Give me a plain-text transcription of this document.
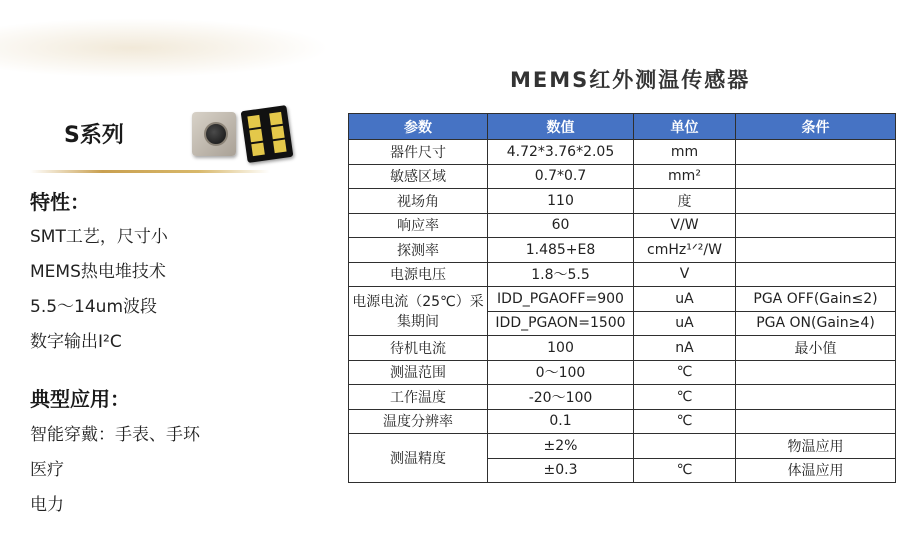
S系列
特性：
SMT工艺，尺寸小
MEMS热电堆技术
5.5～14um波段
数字输出I²C
典型应用：
智能穿戴：手表、手环
医疗
电力
MEMS红外测温传感器
参数	数值	单位	条件
器件尺寸	4.72*3.76*2.05	mm	
敏感区域	0.7*0.7	mm²	
视场角	110	度	
响应率	60	V/W	
探测率	1.485+E8	cmHz¹ᐟ²/W	
电源电压	1.8～5.5	V	
电源电流（25℃）采集期间	IDD_PGAOFF=900	uA	PGA OFF(Gain≤2)
	IDD_PGAON=1500	uA	PGA ON(Gain≥4)
待机电流	100	nA	最小值
测温范围	0～100	℃	
工作温度	-20～100	℃	
温度分辨率	0.1	℃	
测温精度	±2%		物温应用
	±0.3	℃	体温应用
